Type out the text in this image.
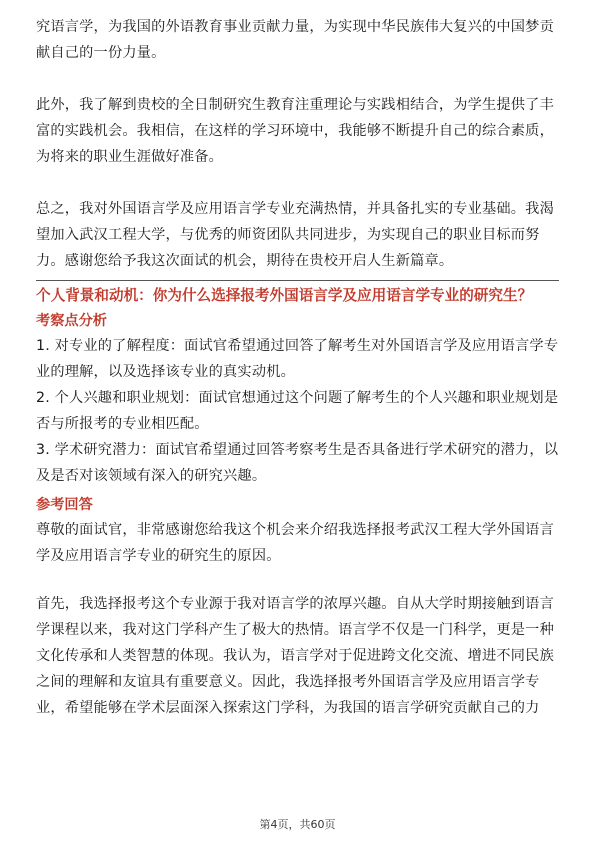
究语言学，为我国的外语教育事业贡献力量，为实现中华民族伟大复兴的中国梦贡献自己的一份力量。

此外，我了解到贵校的全日制研究生教育注重理论与实践相结合，为学生提供了丰富的实践机会。我相信，在这样的学习环境中，我能够不断提升自己的综合素质，为将来的职业生涯做好准备。

总之，我对外国语言学及应用语言学专业充满热情，并具备扎实的专业基础。我渴望加入武汉工程大学，与优秀的师资团队共同进步，为实现自己的职业目标而努力。感谢您给予我这次面试的机会，期待在贵校开启人生新篇章。

个人背景和动机：你为什么选择报考外国语言学及应用语言学专业的研究生？
考察点分析

1. 对专业的了解程度：面试官希望通过回答了解考生对外国语言学及应用语言学专业的理解，以及选择该专业的真实动机。

2. 个人兴趣和职业规划：面试官想通过这个问题了解考生的个人兴趣和职业规划是否与所报考的专业相匹配。

3. 学术研究潜力：面试官希望通过回答考察考生是否具备进行学术研究的潜力，以及是否对该领域有深入的研究兴趣。

参考回答

尊敬的面试官，非常感谢您给我这个机会来介绍我选择报考武汉工程大学外国语言学及应用语言学专业的研究生的原因。

首先，我选择报考这个专业源于我对语言学的浓厚兴趣。自从大学时期接触到语言学课程以来，我对这门学科产生了极大的热情。语言学不仅是一门科学，更是一种文化传承和人类智慧的体现。我认为，语言学对于促进跨文化交流、增进不同民族之间的理解和友谊具有重要意义。因此，我选择报考外国语言学及应用语言学专业，希望能够在学术层面深入探索这门学科，为我国的语言学研究贡献自己的力

第4页，共60页
